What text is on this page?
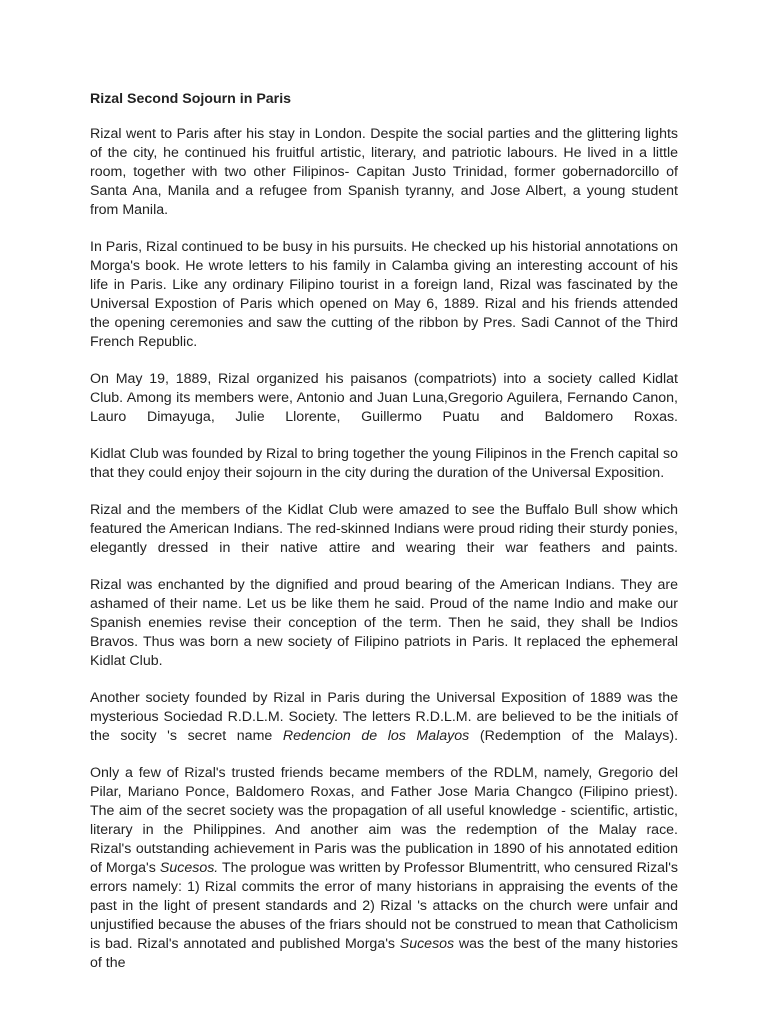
Rizal Second Sojourn in Paris

Rizal went to Paris after his stay in London. Despite the social parties and the glittering lights of the city, he continued his fruitful artistic, literary, and patriotic labours. He lived in a little room, together with two other Filipinos- Capitan Justo Trinidad, former gobernadorcillo of Santa Ana, Manila and a refugee from Spanish tyranny, and Jose Albert, a young student from Manila.

In Paris, Rizal continued to be busy in his pursuits. He checked up his historial annotations on Morga's book. He wrote letters to his family in Calamba giving an interesting account of his life in Paris. Like any ordinary Filipino tourist in a foreign land, Rizal was fascinated by the Universal Expostion of Paris which opened on May 6, 1889. Rizal and his friends attended the opening ceremonies and saw the cutting of the ribbon by Pres. Sadi Cannot of the Third French Republic.

On May 19, 1889, Rizal organized his paisanos (compatriots) into a society called Kidlat Club. Among its members were, Antonio and Juan Luna,Gregorio Aguilera, Fernando Canon, Lauro Dimayuga, Julie Llorente, Guillermo Puatu and Baldomero Roxas.

Kidlat Club was founded by Rizal to bring together the young Filipinos in the French capital so that they could enjoy their sojourn in the city during the duration of the Universal Exposition.

Rizal and the members of the Kidlat Club were amazed to see the Buffalo Bull show which featured the American Indians. The red-skinned Indians were proud riding their sturdy ponies, elegantly dressed in their native attire and wearing their war feathers and paints.

Rizal was enchanted by the dignified and proud bearing of the American Indians. They are ashamed of their name. Let us be like them he said. Proud of the name Indio and make our Spanish enemies revise their conception of the term. Then he said, they shall be Indios Bravos. Thus was born a new society of Filipino patriots in Paris. It replaced the ephemeral Kidlat Club.

Another society founded by Rizal in Paris during the Universal Exposition of 1889 was the mysterious Sociedad R.D.L.M. Society. The letters R.D.L.M. are believed to be the initials of the socity 's secret name Redencion de los Malayos (Redemption of the Malays).

Only a few of Rizal's trusted friends became members of the RDLM, namely, Gregorio del Pilar, Mariano Ponce, Baldomero Roxas, and Father Jose Maria Changco (Filipino priest). The aim of the secret society was the propagation of all useful knowledge - scientific, artistic, literary in the Philippines. And another aim was the redemption of the Malay race.

Rizal's outstanding achievement in Paris was the publication in 1890 of his annotated edition of Morga's Sucesos. The prologue was written by Professor Blumentritt, who censured Rizal's errors namely: 1) Rizal commits the error of many historians in appraising the events of the past in the light of present standards and 2) Rizal 's attacks on the church were unfair and unjustified because the abuses of the friars should not be construed to mean that Catholicism is bad. Rizal's annotated and published Morga's Sucesos was the best of the many histories of the
